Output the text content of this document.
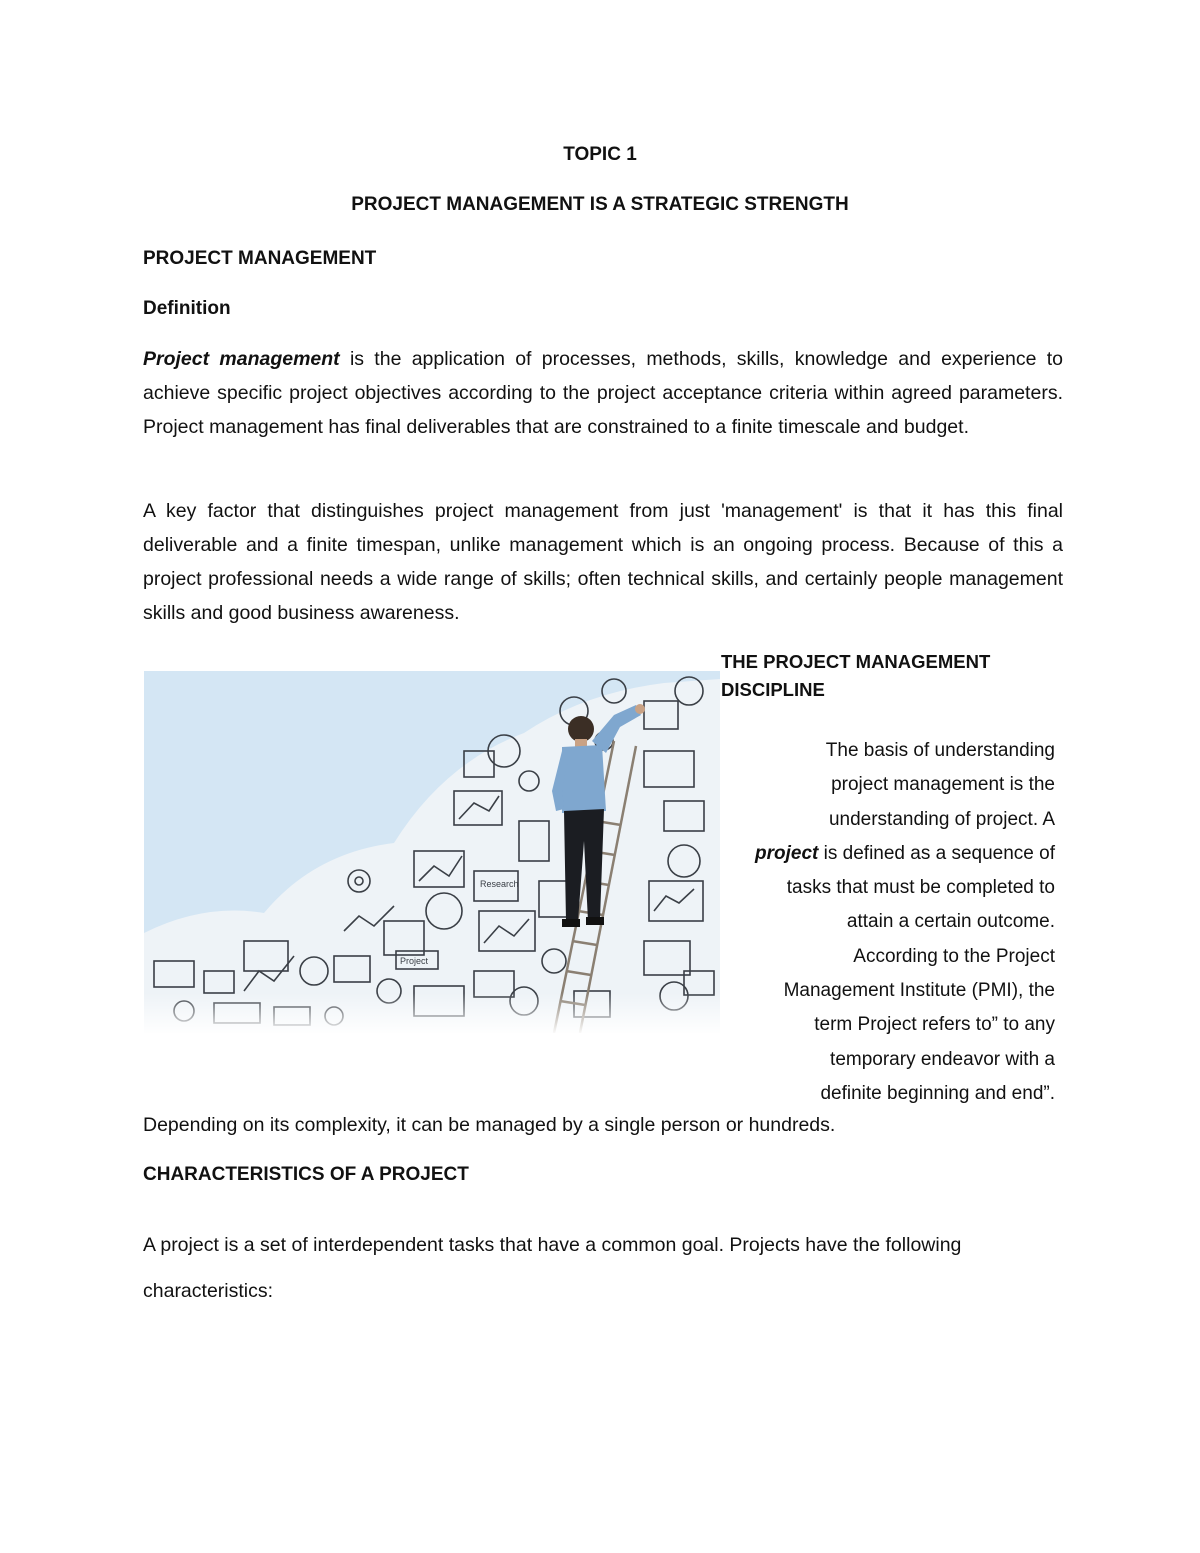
TOPIC 1
PROJECT MANAGEMENT IS A STRATEGIC STRENGTH
PROJECT MANAGEMENT
Definition
Project management is the application of processes, methods, skills, knowledge and experience to achieve specific project objectives according to the project acceptance criteria within agreed parameters. Project management has final deliverables that are constrained to a finite timescale and budget.
A key factor that distinguishes project management from just 'management' is that it has this final deliverable and a finite timespan, unlike management which is an ongoing process. Because of this a project professional needs a wide range of skills; often technical skills, and certainly people management skills and good business awareness.
Project
Research
THE PROJECT MANAGEMENT
DISCIPLINE
The basis of understanding
project management is the
understanding of project. A
project is defined as a sequence of
tasks that must be completed to
attain a certain outcome.
According to the Project
Management Institute (PMI), the
term Project refers to” to any
temporary endeavor with a
definite beginning and end”.
Depending on its complexity, it can be managed by a single person or hundreds.
CHARACTERISTICS OF A PROJECT
A project is a set of interdependent tasks that have a common goal. Projects have the following characteristics:
